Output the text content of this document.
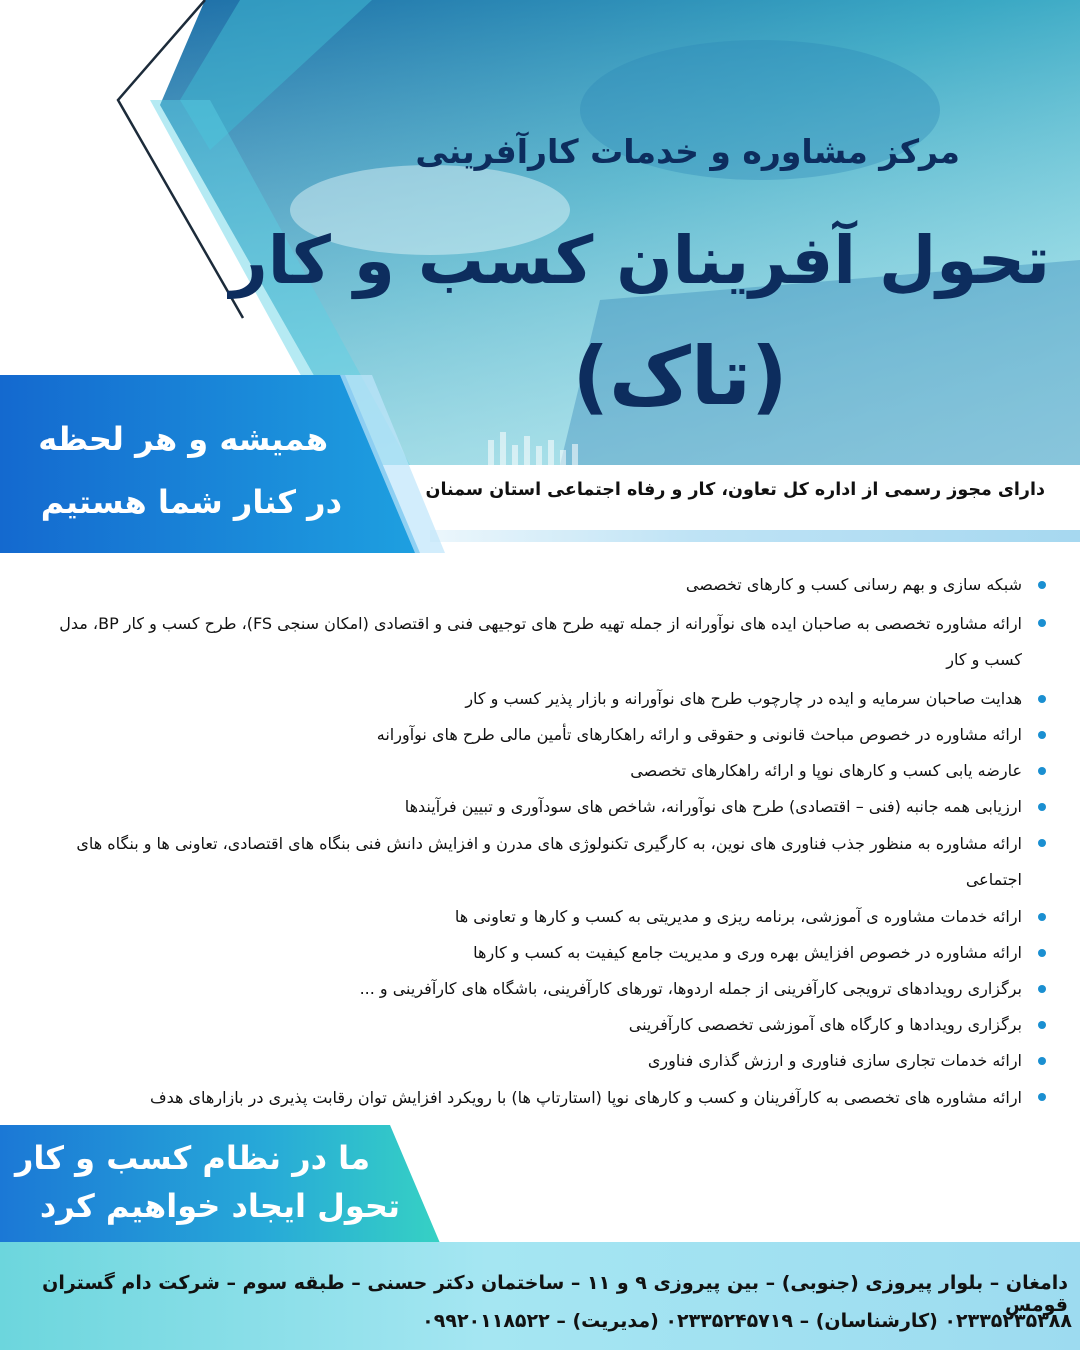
مرکز مشاوره و خدمات کارآفرینی
تحول آفرینان کسب و کار
(تاک)
همیشه و هر لحظه
در کنار شما هستیم	دارای مجوز رسمی از اداره کل تعاون، کار و رفاه اجتماعی استان سمنان
شبکه سازی و بهم رسانی کسب و کارهای تخصصی
ارائه مشاوره تخصصی به صاحبان ایده های نوآورانه از جمله تهیه طرح های توجیهی فنی و اقتصادی (امکان سنجی FS)، طرح کسب و کار BP، مدل کسب و کار
هدایت صاحبان سرمایه و ایده در چارچوب طرح های نوآورانه و بازار پذیر کسب و کار
ارائه مشاوره در خصوص مباحث قانونی و حقوقی و ارائه راهکارهای تأمین مالی طرح های نوآورانه
عارضه یابی کسب و کارهای نوپا و ارائه راهکارهای تخصصی
ارزیابی همه جانبه (فنی – اقتصادی) طرح های نوآورانه، شاخص های سودآوری و تبیین فرآیندها
ارائه مشاوره به منظور جذب فناوری های نوین، به کارگیری تکنولوژی های مدرن و افزایش دانش فنی بنگاه های اقتصادی، تعاونی ها و بنگاه های اجتماعی
ارائه خدمات مشاوره ی آموزشی، برنامه ریزی و مدیریتی به کسب و کارها و تعاونی ها
ارائه مشاوره در خصوص افزایش بهره وری و مدیریت جامع کیفیت به کسب و کارها
برگزاری رویدادهای ترویجی کارآفرینی از جمله اردوها، تورهای کارآفرینی، باشگاه های کارآفرینی و ...
برگزاری رویدادها و کارگاه های آموزشی تخصصی کارآفرینی
ارائه خدمات تجاری سازی فناوری و ارزش گذاری فناوری
ارائه مشاوره های تخصصی به کارآفرینان و کسب و کارهای نوپا (استارتاپ ها) با رویکرد افزایش توان رقابت پذیری در بازارهای هدف
ما در نظام کسب و کار
تحول ایجاد خواهیم کرد
دامغان – بلوار پیروزی (جنوبی) – بین پیروزی ۹ و ۱۱ – ساختمان دکتر حسنی – طبقه سوم – شرکت دام گستران قومس
۰۲۳۳۵۲۳۵۳۸۸ (کارشناسان) – ۰۲۳۳۵۲۴۵۷۱۹ (مدیریت) – ۰۹۹۲۰۱۱۸۵۲۲
